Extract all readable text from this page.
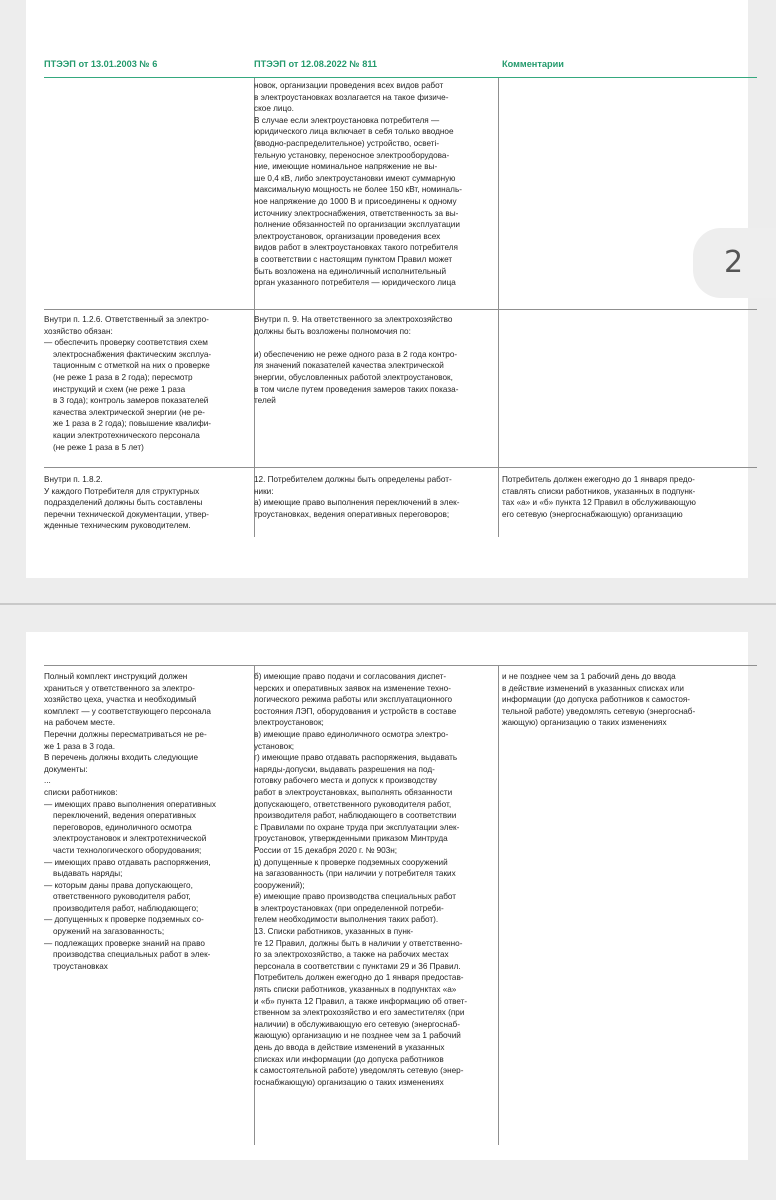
ПТЭЭП от 13.01.2003 № 6	ПТЭЭП от 12.08.2022 № 811	Комментарии
новок, организации проведения всех видов работ
в электроустановках возлагается на такое физиче-
ское лицо.
В случае если электроустановка потребителя —
юридического лица включает в себя только вводное
(вводно-распределительное) устройство, осветі-
тельную установку, переносное электрооборудова-
ние, имеющие номинальное напряжение не вы-
ше 0,4 кВ, либо электроустановки имеют суммарную
максимальную мощность не более 150 кВт, номиналь-
ное напряжение до 1000 В и присоединены к одному
источнику электроснабжения, ответственность за вы-
полнение обязанностей по организации эксплуатации
электроустановок, организации проведения всех
видов работ в электроустановках такого потребителя
в соответствии с настоящим пунктом Правил может
быть возложена на единоличный исполнительный
орган указанного потребителя — юридического лица
Внутри п. 1.2.6. Ответственный за электро-
хозяйство обязан:
— обеспечить проверку соответствия схем
электроснабжения фактическим эксплуа-
тационным с отметкой на них о проверке
(не реже 1 раза в 2 года); пересмотр
инструкций и схем (не реже 1 раза
в 3 года); контроль замеров показателей
качества электрической энергии (не ре-
же 1 раза в 2 года); повышение квалифи-
кации электротехнического персонала
(не реже 1 раза в 5 лет)
Внутри п. 9. На ответственного за электрохозяйство
должны быть возложены полномочия по:
и) обеспечению не реже одного раза в 2 года контро-
ля значений показателей качества электрической
энергии, обусловленных работой электроустановок,
в том числе путем проведения замеров таких показа-
телей
Внутри п. 1.8.2.
У каждого Потребителя для структурных
подразделений должны быть составлены
перечни технической документации, утвер-
жденные техническим руководителем.
12. Потребителем должны быть определены работ-
ники:
а) имеющие право выполнения переключений в элек-
троустановках, ведения оперативных переговоров;
Потребитель должен ежегодно до 1 января предо-
ставлять списки работников, указанных в подпунк-
тах «а» и «б» пункта 12 Правил в обслуживающую
его сетевую (энергоснабжающую) организацию
2
Полный комплект инструкций должен
храниться у ответственного за электро-
хозяйство цеха, участка и необходимый
комплект — у соответствующего персонала
на рабочем месте.
Перечни должны пересматриваться не ре-
же 1 раза в 3 года.
В перечень должны входить следующие
документы:
...
списки работников:
— имеющих право выполнения оперативных
переключений, ведения оперативных
переговоров, единоличного осмотра
электроустановок и электротехнической
части технологического оборудования;
— имеющих право отдавать распоряжения,
выдавать наряды;
— которым даны права допускающего,
ответственного руководителя работ,
производителя работ, наблюдающего;
— допущенных к проверке подземных со-
оружений на загазованность;
— подлежащих проверке знаний на право
производства специальных работ в элек-
троустановках
б) имеющие право подачи и согласования диспет-
черских и оперативных заявок на изменение техно-
логического режима работы или эксплуатационного
состояния ЛЭП, оборудования и устройств в составе
электроустановок;
в) имеющие право единоличного осмотра электро-
установок;
г) имеющие право отдавать распоряжения, выдавать
наряды-допуски, выдавать разрешения на под-
готовку рабочего места и допуск к производству
работ в электроустановках, выполнять обязанности
допускающего, ответственного руководителя работ,
производителя работ, наблюдающего в соответствии
с Правилами по охране труда при эксплуатации элек-
троустановок, утвержденными приказом Минтруда
России от 15 декабря 2020 г. № 903н;
д) допущенные к проверке подземных сооружений
на загазованность (при наличии у потребителя таких
сооружений);
е) имеющие право производства специальных работ
в электроустановках (при определенной потреби-
телем необходимости выполнения таких работ).
13. Списки работников, указанных в пунк-
те 12 Правил, должны быть в наличии у ответственно-
го за электрохозяйство, а также на рабочих местах
персонала в соответствии с пунктами 29 и 36 Правил.
Потребитель должен ежегодно до 1 января предостав-
лять списки работников, указанных в подпунктах «а»
и «б» пункта 12 Правил, а также информацию об ответ-
ственном за электрохозяйство и его заместителях (при
наличии) в обслуживающую его сетевую (энергоснаб-
жающую) организацию и не позднее чем за 1 рабочий
день до ввода в действие изменений в указанных
списках или информации (до допуска работников
к самостоятельной работе) уведомлять сетевую (энер-
госнабжающую) организацию о таких изменениях
и не позднее чем за 1 рабочий день до ввода
в действие изменений в указанных списках или
информации (до допуска работников к самостоя-
тельной работе) уведомлять сетевую (энергоснаб-
жающую) организацию о таких изменениях
